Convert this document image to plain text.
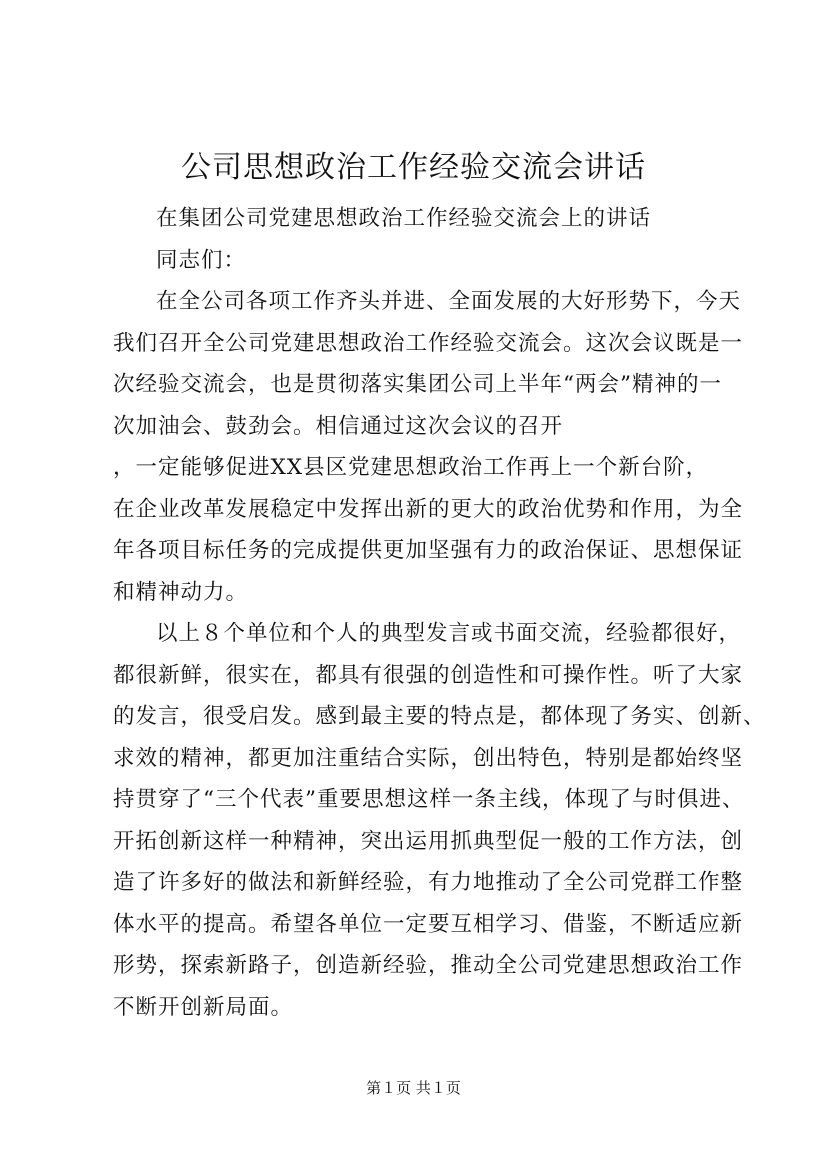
公司思想政治工作经验交流会讲话
在集团公司党建思想政治工作经验交流会上的讲话
同志们：
在全公司各项工作齐头并进、全面发展的大好形势下，今天
我们召开全公司党建思想政治工作经验交流会。这次会议既是一
次经验交流会，也是贯彻落实集团公司上半年“两会”精神的一
次加油会、鼓劲会。相信通过这次会议的召开
，一定能够促进XX县区党建思想政治工作再上一个新台阶，
在企业改革发展稳定中发挥出新的更大的政治优势和作用，为全
年各项目标任务的完成提供更加坚强有力的政治保证、思想保证
和精神动力。
以上８个单位和个人的典型发言或书面交流，经验都很好，
都很新鲜，很实在，都具有很强的创造性和可操作性。听了大家
的发言，很受启发。感到最主要的特点是，都体现了务实、创新、
求效的精神，都更加注重结合实际，创出特色，特别是都始终坚
持贯穿了“三个代表”重要思想这样一条主线，体现了与时俱进、
开拓创新这样一种精神，突出运用抓典型促一般的工作方法，创
造了许多好的做法和新鲜经验，有力地推动了全公司党群工作整
体水平的提高。希望各单位一定要互相学习、借鉴，不断适应新
形势，探索新路子，创造新经验，推动全公司党建思想政治工作
不断开创新局面。
第１页 共１页
